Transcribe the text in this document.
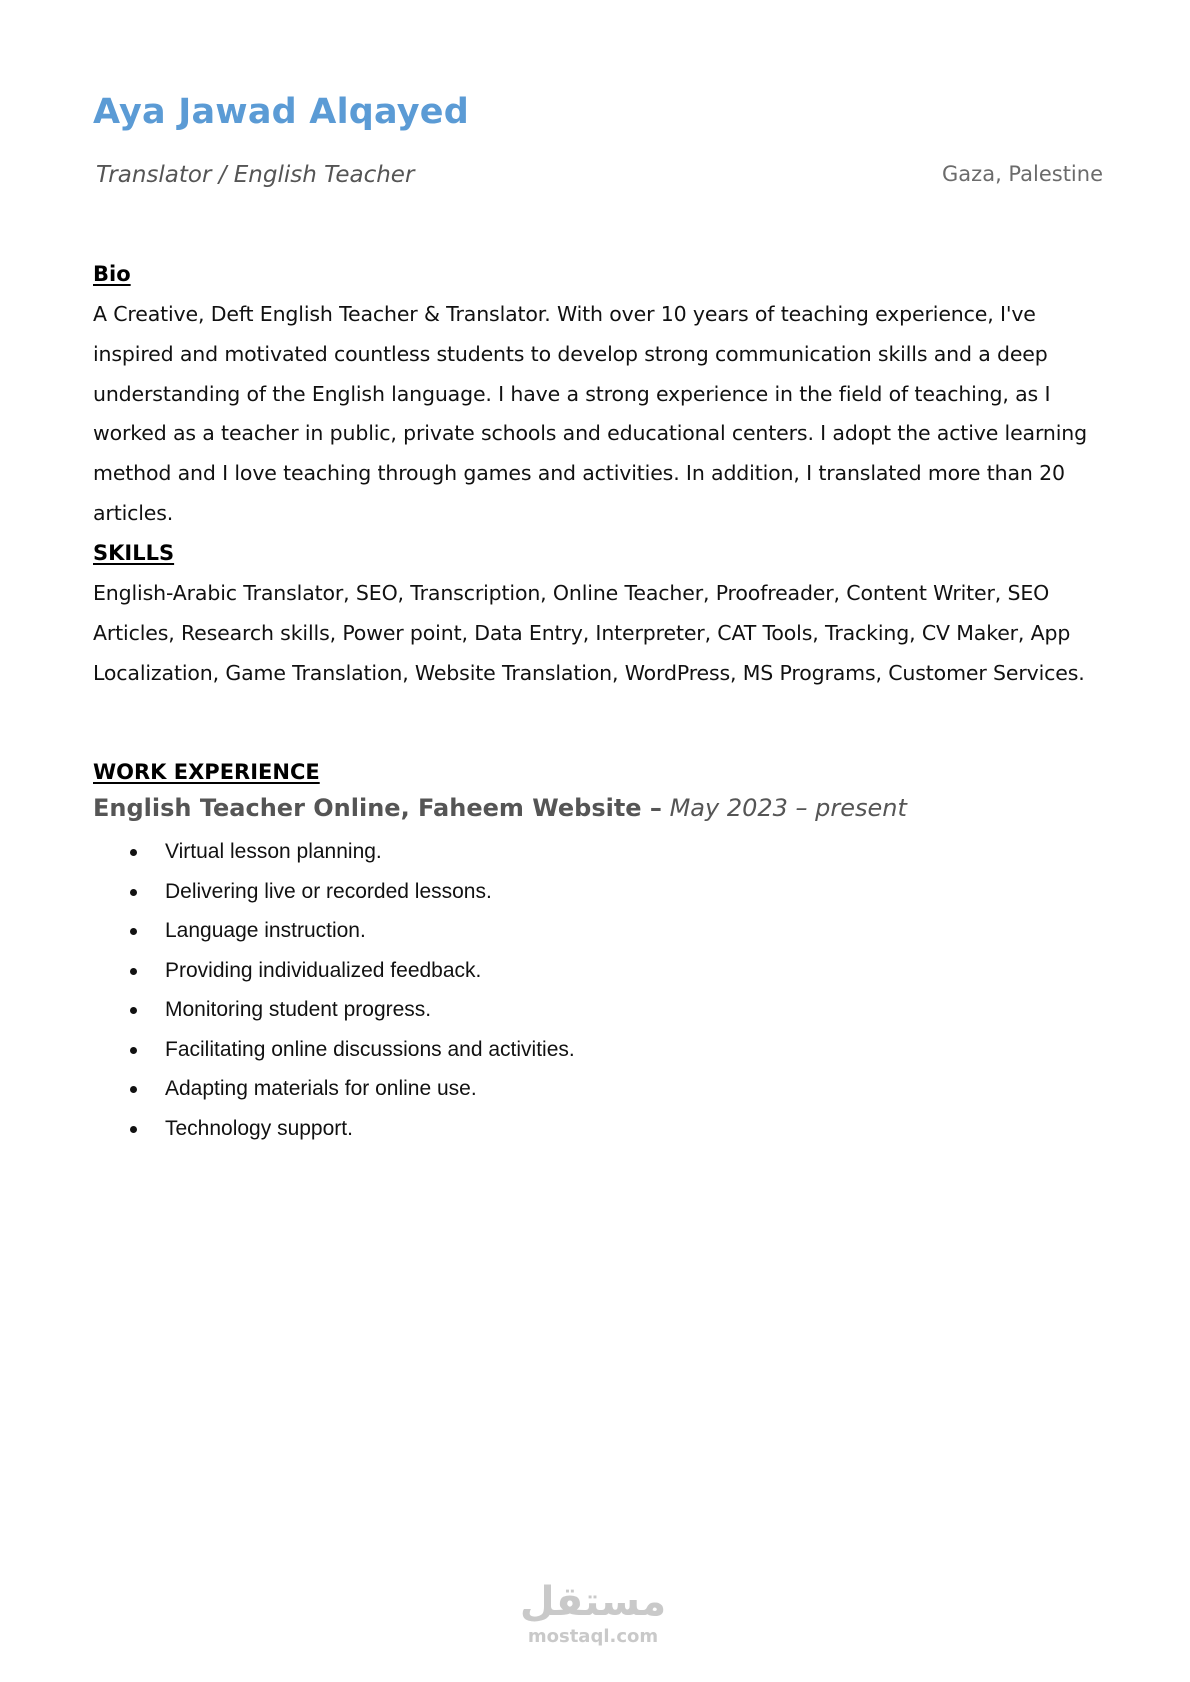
Aya Jawad Alqayed
Translator / English Teacher	Gaza, Palestine
Bio

A Creative, Deft English Teacher & Translator. With over 10 years of teaching experience, I've inspired and motivated countless students to develop strong communication skills and a deep understanding of the English language. I have a strong experience in the field of teaching, as I worked as a teacher in public, private schools and educational centers. I adopt the active learning method and I love teaching through games and activities. In addition, I translated more than 20 articles.

SKILLS

English-Arabic Translator, SEO, Transcription, Online Teacher, Proofreader, Content Writer, SEO Articles, Research skills, Power point, Data Entry, Interpreter, CAT Tools, Tracking, CV Maker, App Localization, Game Translation, Website Translation, WordPress, MS Programs, Customer Services.

WORK EXPERIENCE
English Teacher Online, Faheem Website – May 2023 – present
Virtual lesson planning.
Delivering live or recorded lessons.
Language instruction.
Providing individualized feedback.
Monitoring student progress.
Facilitating online discussions and activities.
Adapting materials for online use.
Technology support.
مستقل
mostaql.com
